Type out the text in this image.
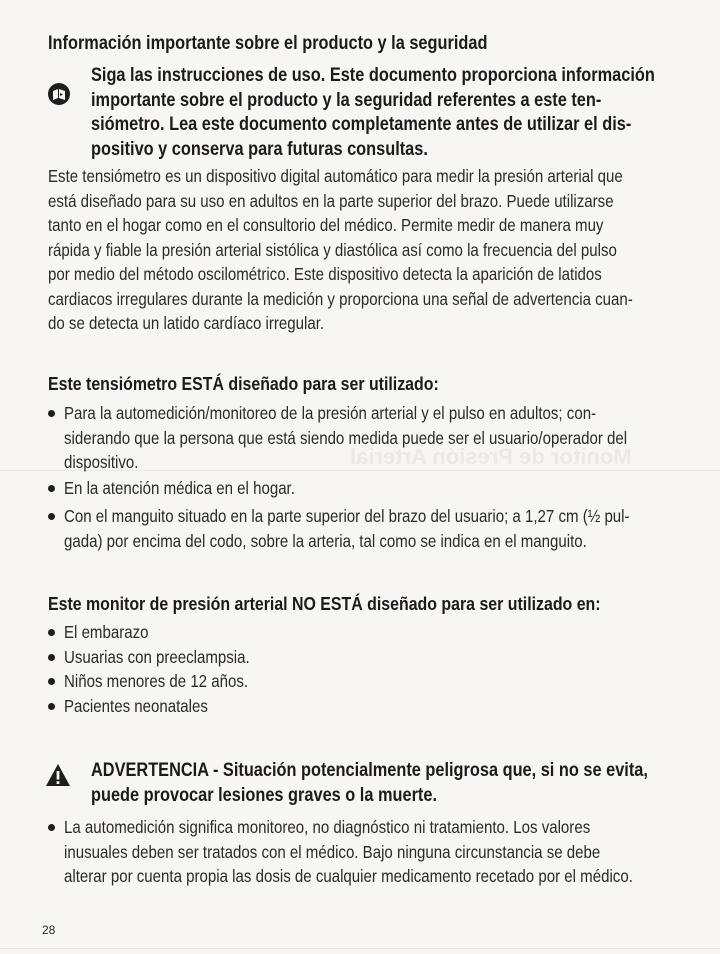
Monitor de Presión Arterial
Información importante sobre el producto y la seguridad
Siga las instrucciones de uso. Este documento proporciona información
importante sobre el producto y la seguridad referentes a este ten-
siómetro. Lea este documento completamente antes de utilizar el dis-
positivo y conserva para futuras consultas.
Este tensiómetro es un dispositivo digital automático para medir la presión arterial que
está diseñado para su uso en adultos en la parte superior del brazo. Puede utilizarse
tanto en el hogar como en el consultorio del médico. Permite medir de manera muy
rápida y fiable la presión arterial sistólica y diastólica así como la frecuencia del pulso
por medio del método oscilométrico. Este dispositivo detecta la aparición de latidos
cardiacos irregulares durante la medición y proporciona una señal de advertencia cuan-
do se detecta un latido cardíaco irregular.
Este tensiómetro ESTÁ diseñado para ser utilizado:
Para la automedición/monitoreo de la presión arterial y el pulso en adultos; con-
siderando que la persona que está siendo medida puede ser el usuario/operador del
dispositivo.
En la atención médica en el hogar.
Con el manguito situado en la parte superior del brazo del usuario; a 1,27 cm (½ pul-
gada) por encima del codo, sobre la arteria, tal como se indica en el manguito.
Este monitor de presión arterial NO ESTÁ diseñado para ser utilizado en:
El embarazo
Usuarias con preeclampsia.
Niños menores de 12 años.
Pacientes neonatales
ADVERTENCIA - Situación potencialmente peligrosa que, si no se evita,
puede provocar lesiones graves o la muerte.
La automedición significa monitoreo, no diagnóstico ni tratamiento. Los valores
inusuales deben ser tratados con el médico. Bajo ninguna circunstancia se debe
alterar por cuenta propia las dosis de cualquier medicamento recetado por el médico.
28
